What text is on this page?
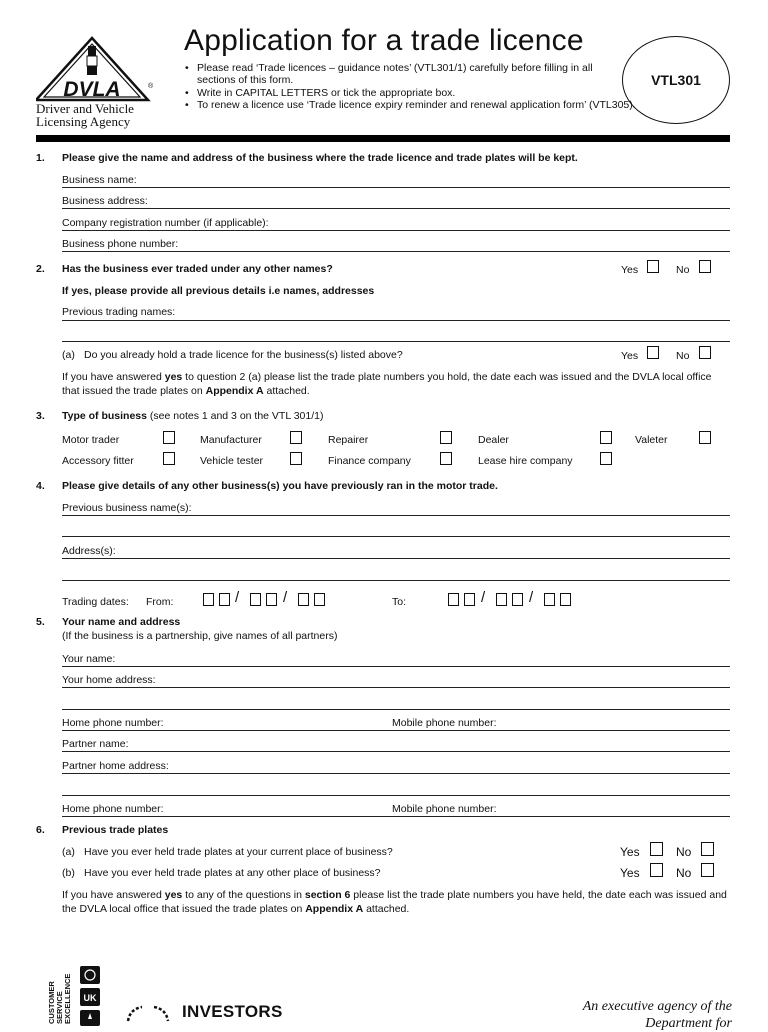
DVLA	®
Driver and Vehicle
Licensing Agency
Application for a trade licence
• Please read ‘Trade licences – guidance notes’ (VTL301/1) carefully before filling in all sections of this form.
• Write in CAPITAL LETTERS or tick the appropriate box.
• To renew a licence use ‘Trade licence expiry reminder and renewal application form’ (VTL305).
VTL301
1. Please give the name and address of the business where the trade licence and trade plates will be kept.
Business name:
Business address:
Company registration number (if applicable):
Business phone number:
2. Has the business ever traded under any other names?	Yes	No
If yes, please provide all previous details i.e names, addresses
Previous trading names:
(a) Do you already hold a trade licence for the business(s) listed above?	Yes	No
If you have answered yes to question 2 (a) please list the trade plate numbers you hold, the date each was issued and the DVLA local office that issued the trade plates on Appendix A attached.
3. Type of business (see notes 1 and 3 on the VTL 301/1)
Motor trader	Manufacturer	Repairer	Dealer	Valeter
Accessory fitter	Vehicle tester	Finance company	Lease hire company
4. Please give details of any other business(s) you have previously ran in the motor trade.
Previous business name(s):
Address(s):
Trading dates: From:	/	/	To:	/	/
5. Your name and address
(If the business is a partnership, give names of all partners)
Your name:
Your home address:
Home phone number:	Mobile phone number:
Partner name:
Partner home address:
Home phone number:	Mobile phone number:
6. Previous trade plates
(a) Have you ever held trade plates at your current place of business?	Yes	No
(b) Have you ever held trade plates at any other place of business?	Yes	No
If you have answered yes to any of the questions in section 6 please list the trade plate numbers you have held, the date each was issued and the DVLA local office that issued the trade plates on Appendix A attached.
CUSTOMER SERVICE EXCELLENCE UK
INVESTORS	An executive agency of the
Department for
